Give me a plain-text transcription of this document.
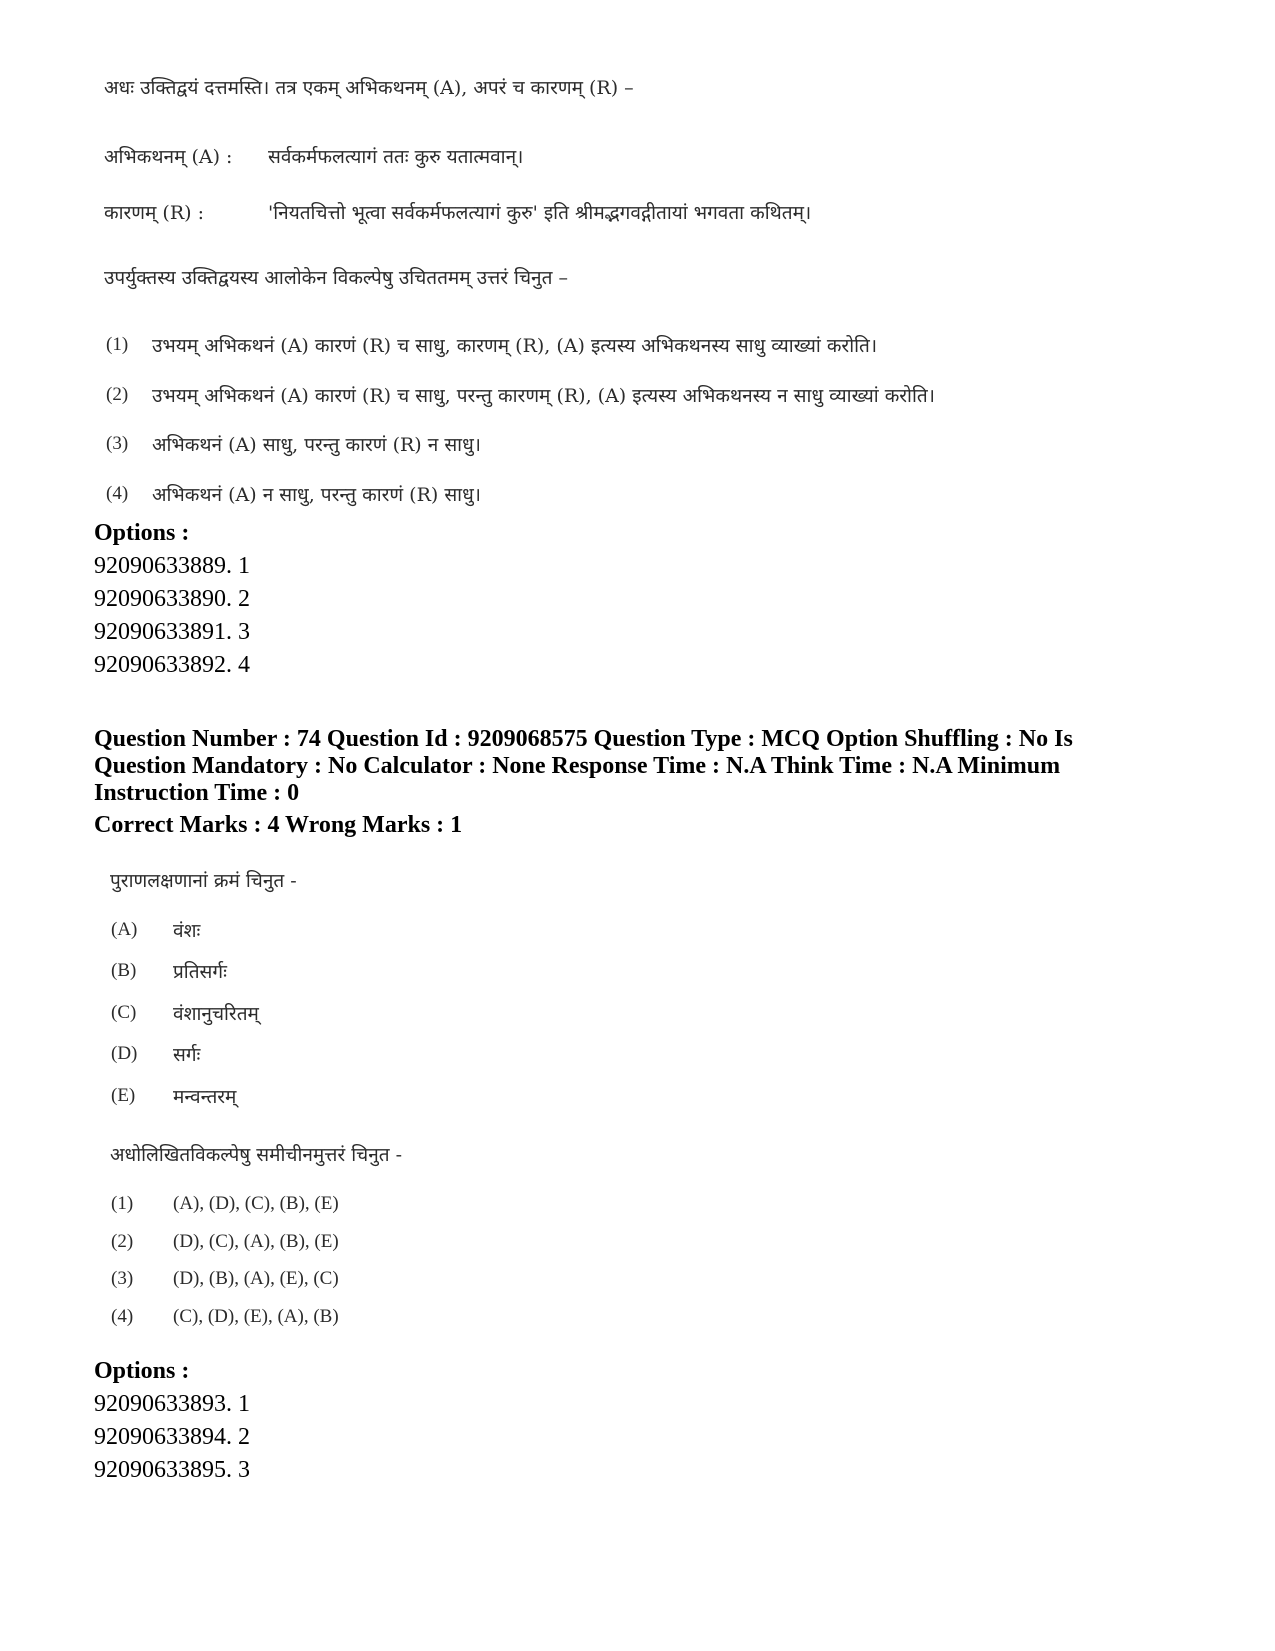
अधः उक्तिद्वयं दत्तमस्ति। तत्र एकम् अभिकथनम् (A), अपरं च कारणम् (R) –
अभिकथनम् (A) : सर्वकर्मफलत्यागं ततः कुरु यतात्मवान्।
कारणम् (R) :	'नियतचित्तो भूत्वा सर्वकर्मफलत्यागं कुरु' इति श्रीमद्भगवद्गीतायां भगवता कथितम्।
उपर्युक्तस्य उक्तिद्वयस्य आलोकेन विकल्पेषु उचिततमम् उत्तरं चिनुत –
(1) उभयम् अभिकथनं (A) कारणं (R) च साधु, कारणम् (R), (A) इत्यस्य अभिकथनस्य साधु व्याख्यां करोति।
(2) उभयम् अभिकथनं (A) कारणं (R) च साधु, परन्तु कारणम् (R), (A) इत्यस्य अभिकथनस्य न साधु व्याख्यां करोति।
(3) अभिकथनं (A) साधु, परन्तु कारणं (R) न साधु।
(4) अभिकथनं (A) न साधु, परन्तु कारणं (R) साधु।
Options :
92090633889. 1
92090633890. 2
92090633891. 3
92090633892. 4
Question Number : 74 Question Id : 9209068575 Question Type : MCQ Option Shuffling : No Is
Question Mandatory : No Calculator : None Response Time : N.A Think Time : N.A Minimum
Instruction Time : 0
Correct Marks : 4 Wrong Marks : 1
पुराणलक्षणानां क्रमं चिनुत -
(A) वंशः
(B) प्रतिसर्गः
(C) वंशानुचरितम्
(D) सर्गः
(E) मन्वन्तरम्
अधोलिखितविकल्पेषु समीचीनमुत्तरं चिनुत -
(1) (A), (D), (C), (B), (E)
(2) (D), (C), (A), (B), (E)
(3) (D), (B), (A), (E), (C)
(4) (C), (D), (E), (A), (B)
Options :
92090633893. 1
92090633894. 2
92090633895. 3
